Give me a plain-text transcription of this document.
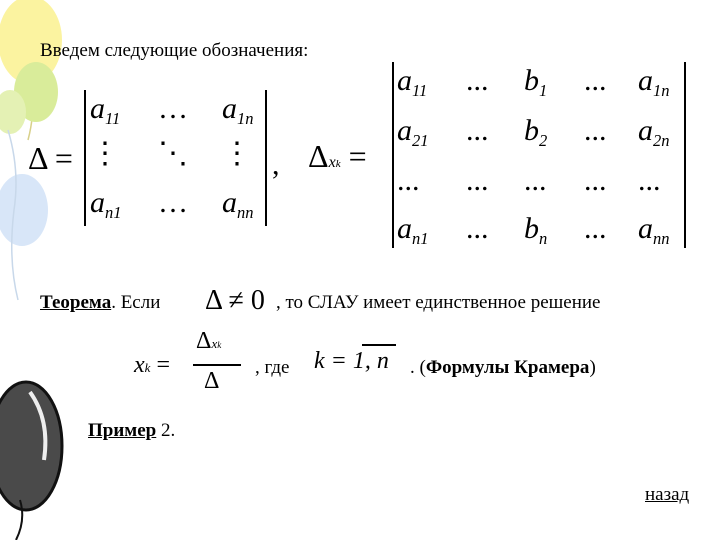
Введем следующие обозначения:
Δ =
$a_{11}$ … $a_{1n}$
⋮ ⋱ ⋮
$a_{n1}$ … $a_{nn}$
, Δxk =
$a_{11}$ ... $b_1$ ... $a_{1n}$
$a_{21}$ ... $b_2$ ... $a_{2n}$
... ... ... ... ...
$a_{n1}$ ... $b_n$ ... $a_{nn}$
Теорема. Если Δ ≠ 0 , то СЛАУ имеет единственное решение
xk =
Δxk
Δ
, где k = 1, n . (Формулы Крамера)
Пример 2.
назад
